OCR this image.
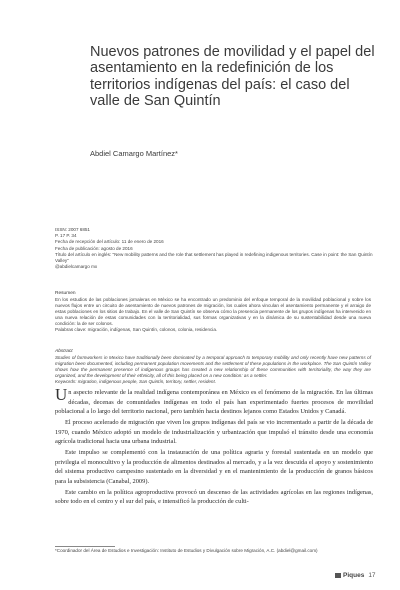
Nuevos patrones de movilidad y el papel del asentamiento en la redefinición de los territorios indígenas del país: el caso del valle de San Quintín
Abdiel Camargo Martínez*
ISSN: 2007 6851
P. 17 P. 34
Fecha de recepción del artículo: 11 de enero de 2016
Fecha de publicación: agosto de 2016
Título del artículo en inglés: "New mobility patterns and the role that settlement has played in redefining indigenous territories. Case in point: the San Quintín Valley"
@abdielcamargo mx
Resumen
En los estudios de las poblaciones jornaleras en México se ha encontrado un predominio del enfoque temporal de la movilidad poblacional y sobre los nuevos flujos entre un circuito de asentamiento de nuevos patrones de migración, los cuales ahora vinculan el asentamiento permanente y el arraigo de estas poblaciones en los sitios de trabajo. En el valle de San Quintín se observa cómo la presencia permanente de los grupos indígenas ha intervenido en una nueva relación de estas comunidades con la territorialidad, sus formas organizativas y en la dinámica de su sustentabilidad desde una nueva condición: la de ser colonos.
Palabras clave: migración, indígenas, San Quintín, colonos, colonia, residencia.
Abstract
Studies of farmworkers in Mexico have traditionally been dominated by a temporal approach to temporary mobility and only recently have new patterns of migration been documented, including permanent population movements and the settlement of these populations in the workplace. The San Quintín Valley shows how the permanent presence of indigenous groups has created a new relationship of these communities with territoriality, the way they are organized, and the development of their ethnicity, all of this being placed on a new condition: as a settler.
Keywords: migration, indigenous people, San Quintín, territory, settler, resident.

Un aspecto relevante de la realidad indígena contemporánea en México es el fenómeno de la migración. En las últimas décadas, decenas de comunidades indígenas en todo el país han experimentado fuertes procesos de movilidad poblacional a lo largo del territorio nacional, pero también hacia destinos lejanos como Estados Unidos y Canadá.

El proceso acelerado de migración que viven los grupos indígenas del país se vio incrementado a partir de la década de 1970, cuando México adoptó un modelo de industrialización y urbanización que impulsó el tránsito desde una economía agrícola tradicional hacia una urbana industrial.

Este impulso se complementó con la instauración de una política agraria y forestal sustentada en un modelo que privilegia el monocultivo y la producción de alimentos destinados al mercado, y a la vez descuida el apoyo y sostenimiento del sistema productivo campesino sustentado en la diversidad y en el mantenimiento de la producción de granos básicos para la subsistencia (Canabal, 2009).

Este cambio en la política agroproductiva provocó un descenso de las actividades agrícolas en las regiones indígenas, sobre todo en el centro y el sur del país, e intensificó la producción de culti-

*Coordinador del Área de Estudios e Investigación: Instituto de Estudios y Divulgación sobre Migración, A.C. (abdiel@gmail.com)
Piques 17
